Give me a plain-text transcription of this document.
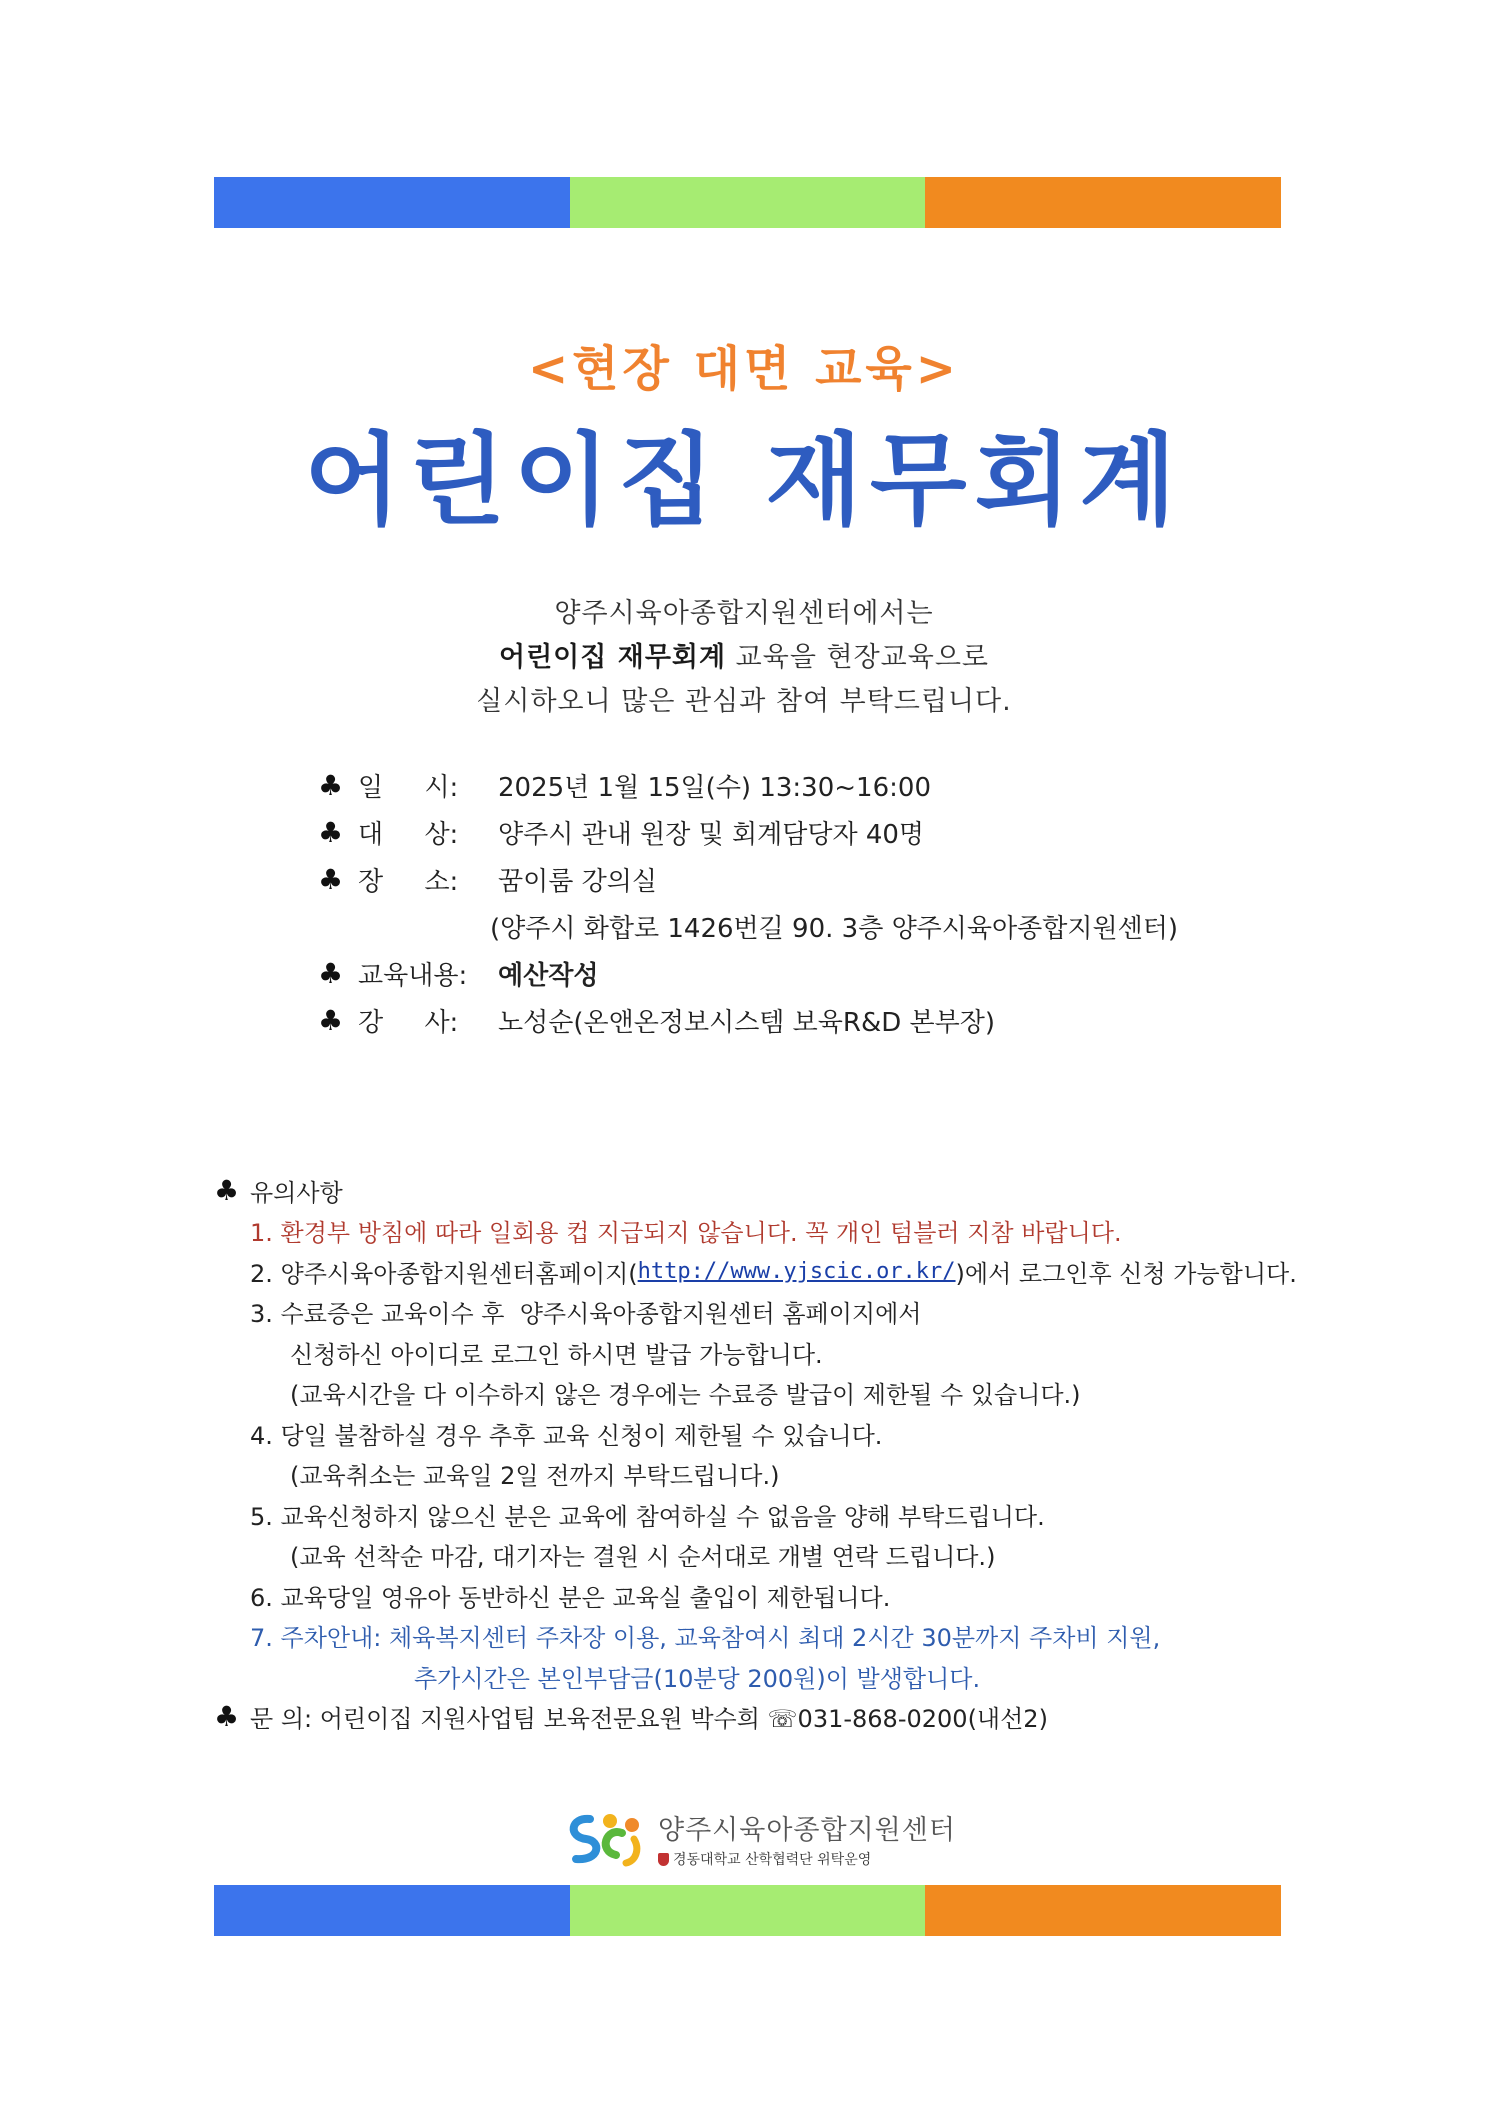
<현장 대면 교육>
어린이집 재무회계
양주시육아종합지원센터에서는
어린이집 재무회계 교육을 현장교육으로
실시하오니 많은 관심과 참여 부탁드립니다.
♣ 일     시:	2025년 1월 15일(수) 13:30~16:00
♣ 대     상:	양주시 관내 원장 및 회계담당자 40명
♣ 장     소:	꿈이룸 강의실
(양주시 화합로 1426번길 90. 3층 양주시육아종합지원센터)
♣ 교육내용:	예산작성
♣ 강     사:	노성순(온앤온정보시스템 보육R&D 본부장)
♣ 유의사항
1. 환경부 방침에 따라 일회용 컵 지급되지 않습니다. 꼭 개인 텀블러 지참 바랍니다.
2. 양주시육아종합지원센터홈페이지( http://www.yjscic.or.kr/ )에서 로그인후 신청 가능합니다.
3. 수료증은 교육이수 후  양주시육아종합지원센터 홈페이지에서
신청하신 아이디로 로그인 하시면 발급 가능합니다.
(교육시간을 다 이수하지 않은 경우에는 수료증 발급이 제한될 수 있습니다.)
4. 당일 불참하실 경우 추후 교육 신청이 제한될 수 있습니다.
(교육취소는 교육일 2일 전까지 부탁드립니다.)
5. 교육신청하지 않으신 분은 교육에 참여하실 수 없음을 양해 부탁드립니다.
(교육 선착순 마감, 대기자는 결원 시 순서대로 개별 연락 드립니다.)
6. 교육당일 영유아 동반하신 분은 교육실 출입이 제한됩니다.
7. 주차안내: 체육복지센터 주차장 이용, 교육참여시 최대 2시간 30분까지 주차비 지원,
추가시간은 본인부담금(10분당 200원)이 발생합니다.
♣ 문 의: 어린이집 지원사업팀 보육전문요원 박수희 ☏031-868-0200(내선2)
양주시육아종합지원센터
경동대학교 산학협력단 위탁운영
